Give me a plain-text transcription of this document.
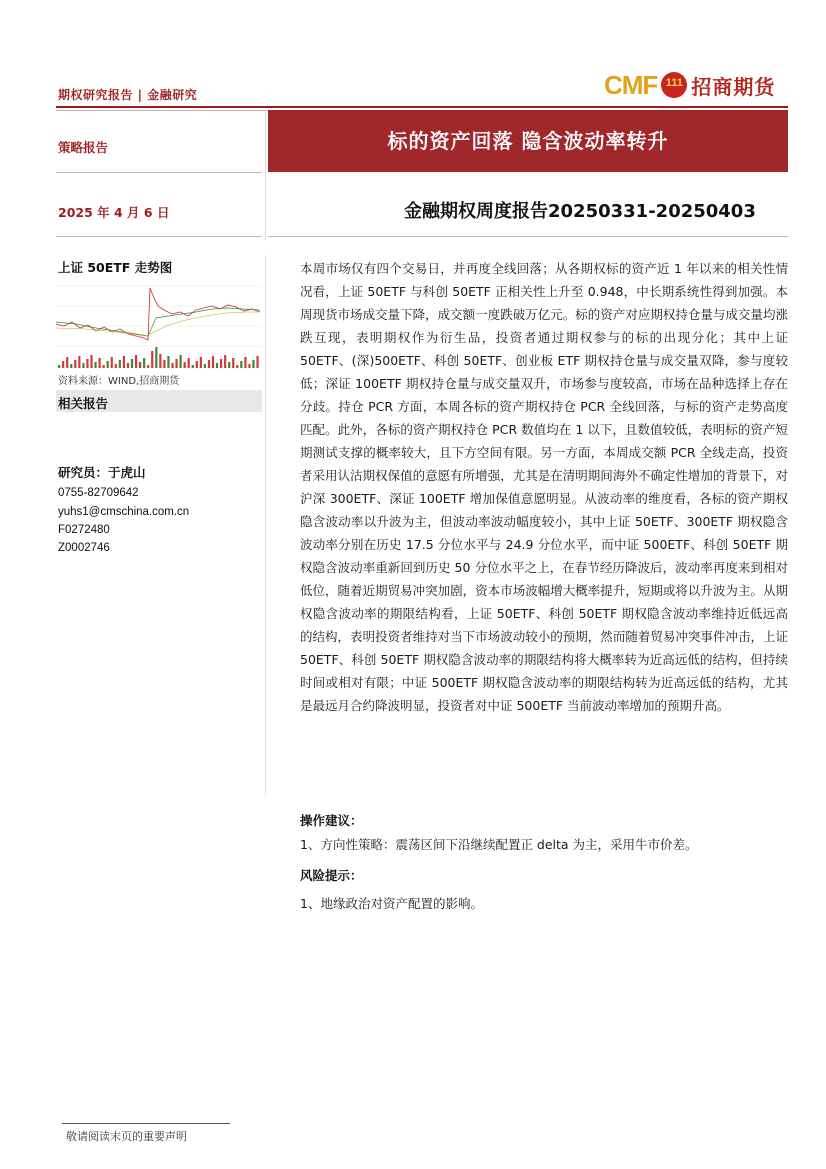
期权研究报告 | 金融研究	CMF 111 招商期货
策略报告
2025 年 4 月 6 日
上证 50ETF 走势图
资料来源：WIND,招商期货
相关报告
研究员：于虎山
0755-82709642
yuhs1@cmschina.com.cn
F0272480
Z0002746
标的资产回落 隐含波动率转升
金融期权周度报告20250331-20250403
本周市场仅有四个交易日，并再度全线回落；从各期权标的资产近 1 年以来的相关性情况看，上证 50ETF 与科创 50ETF 正相关性上升至 0.948，中长期系统性得到加强。本周现货市场成交量下降，成交额一度跌破万亿元。标的资产对应期权持仓量与成交量均涨跌互现，表明期权作为衍生品，投资者通过期权参与的标的出现分化；其中上证 50ETF、(深)500ETF、科创 50ETF、创业板 ETF 期权持仓量与成交量双降，参与度较低；深证 100ETF 期权持仓量与成交量双升，市场参与度较高，市场在品种选择上存在分歧。持仓 PCR 方面，本周各标的资产期权持仓 PCR 全线回落，与标的资产走势高度匹配。此外，各标的资产期权持仓 PCR 数值均在 1 以下，且数值较低，表明标的资产短期测试支撑的概率较大，且下方空间有限。另一方面，本周成交额 PCR 全线走高，投资者采用认沽期权保值的意愿有所增强，尤其是在清明期间海外不确定性增加的背景下，对沪深 300ETF、深证 100ETF 增加保值意愿明显。从波动率的维度看，各标的资产期权隐含波动率以升波为主，但波动率波动幅度较小，其中上证 50ETF、300ETF 期权隐含波动率分别在历史 17.5 分位水平与 24.9 分位水平，而中证 500ETF、科创 50ETF 期权隐含波动率重新回到历史 50 分位水平之上，在春节经历降波后，波动率再度来到相对低位，随着近期贸易冲突加剧，资本市场波幅增大概率提升，短期或将以升波为主。从期权隐含波动率的期限结构看，上证 50ETF、科创 50ETF 期权隐含波动率维持近低远高的结构，表明投资者维持对当下市场波动较小的预期，然而随着贸易冲突事件冲击，上证 50ETF、科创 50ETF 期权隐含波动率的期限结构将大概率转为近高远低的结构，但持续时间或相对有限；中证 500ETF 期权隐含波动率的期限结构转为近高远低的结构，尤其是最远月合约降波明显，投资者对中证 500ETF 当前波动率增加的预期升高。
操作建议：
1、方向性策略：震荡区间下沿继续配置正 delta 为主，采用牛市价差。
风险提示：
1、地缘政治对资产配置的影响。
敬请阅读末页的重要声明
